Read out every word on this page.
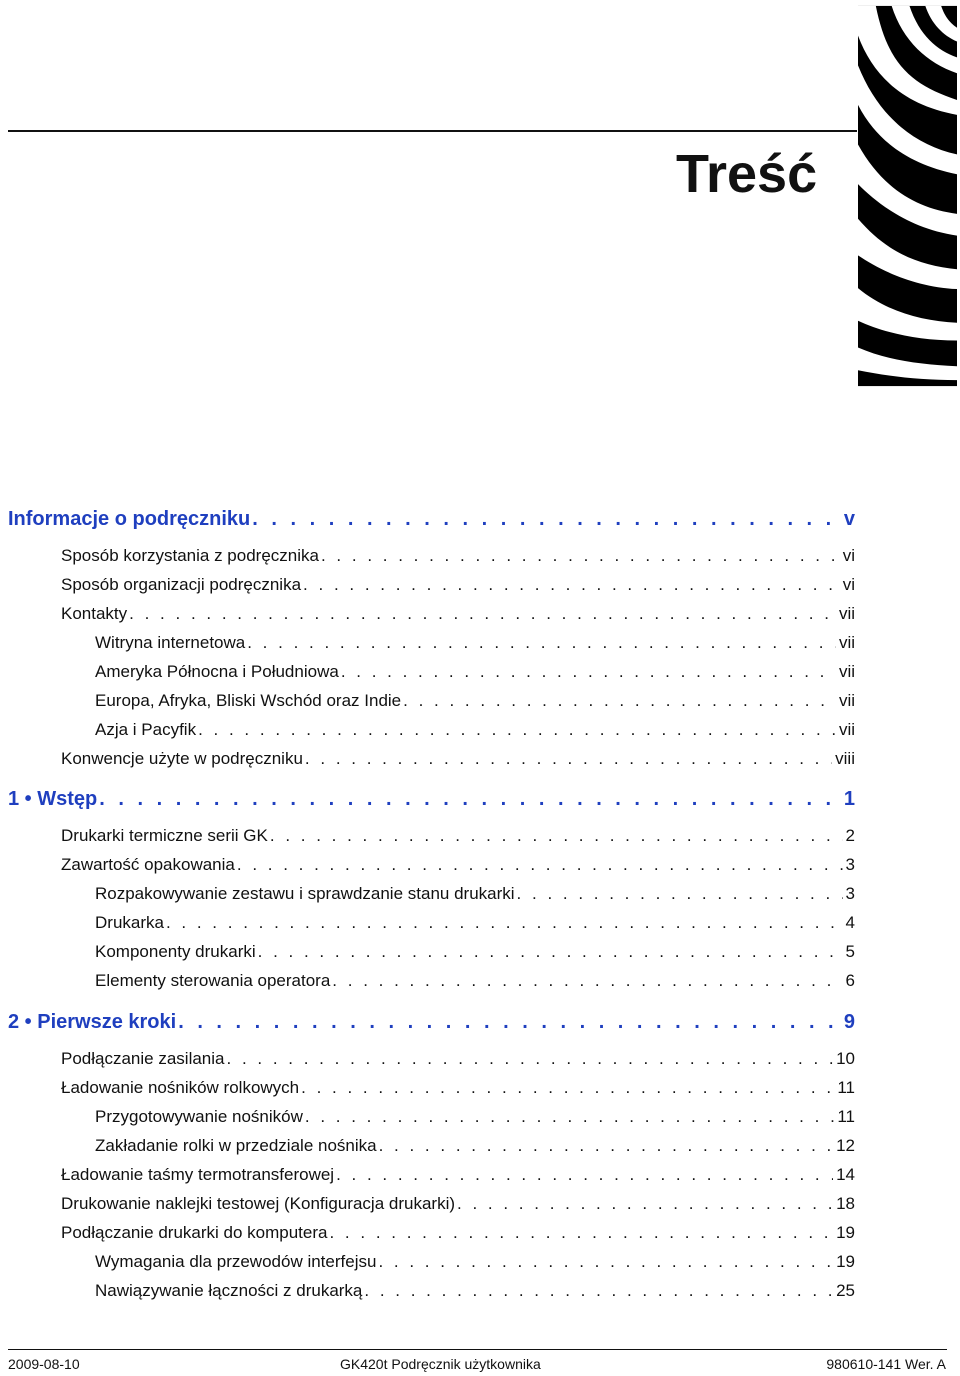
Treść
Informacje o podręczniku . . .	v
Sposób korzystania z podręcznika . . .	vi
Sposób organizacji podręcznika . . .	vi
Kontakty . . .	vii
Witryna internetowa . . .	vii
Ameryka Północna i Południowa . . .	vii
Europa, Afryka, Bliski Wschód oraz Indie . . .	vii
Azja i Pacyfik . . .	vii
Konwencje użyte w podręczniku . . .	viii
1 • Wstęp . . .	1
Drukarki termiczne serii GK . . .	2
Zawartość opakowania . . .	3
Rozpakowywanie zestawu i sprawdzanie stanu drukarki . . .	3
Drukarka . . .	4
Komponenty drukarki . . .	5
Elementy sterowania operatora . . .	6
2 • Pierwsze kroki . . .	9
Podłączanie zasilania . . .	10
Ładowanie nośników rolkowych . . .	11
Przygotowywanie nośników . . .	11
Zakładanie rolki w przedziale nośnika . . .	12
Ładowanie taśmy termotransferowej . . .	14
Drukowanie naklejki testowej (Konfiguracja drukarki) . . .	18
Podłączanie drukarki do komputera . . .	19
Wymagania dla przewodów interfejsu . . .	19
Nawiązywanie łączności z drukarką . . .	25
2009-08-10	GK420t Podręcznik użytkownika	980610-141 Wer. A
